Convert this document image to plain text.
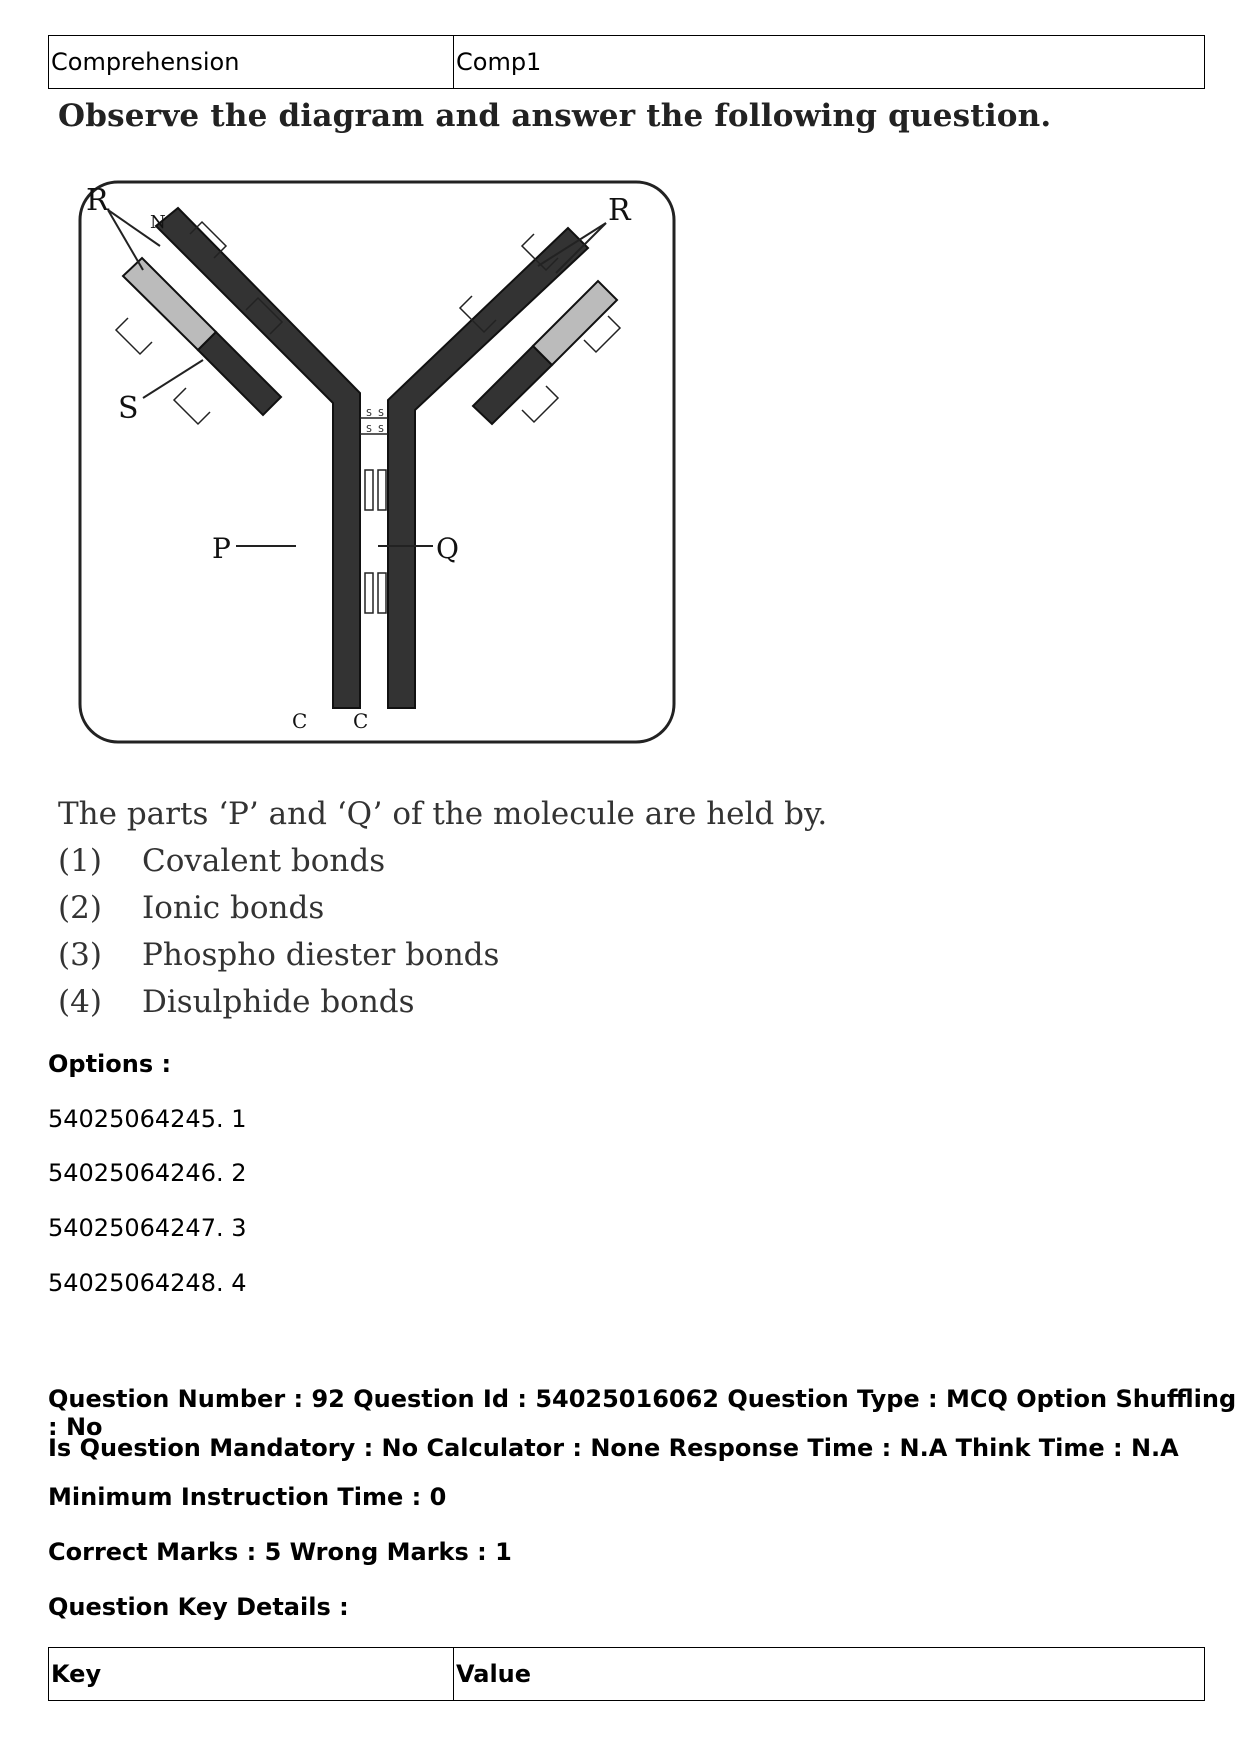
Comprehension	Comp1
Observe the diagram and answer the following question.
S S
S S
R
N	R
S
P	Q
C C
The parts ‘P’ and ‘Q’ of the molecule are held by.
(1) Covalent bonds
(2) Ionic bonds
(3) Phospho diester bonds
(4) Disulphide bonds
Options :
54025064245. 1
54025064246. 2
54025064247. 3
54025064248. 4
Question Number : 92 Question Id : 54025016062 Question Type : MCQ Option Shuffling : No
Is Question Mandatory : No Calculator : None Response Time : N.A Think Time : N.A
Minimum Instruction Time : 0
Correct Marks : 5 Wrong Marks : 1
Question Key Details :
Key	Value
